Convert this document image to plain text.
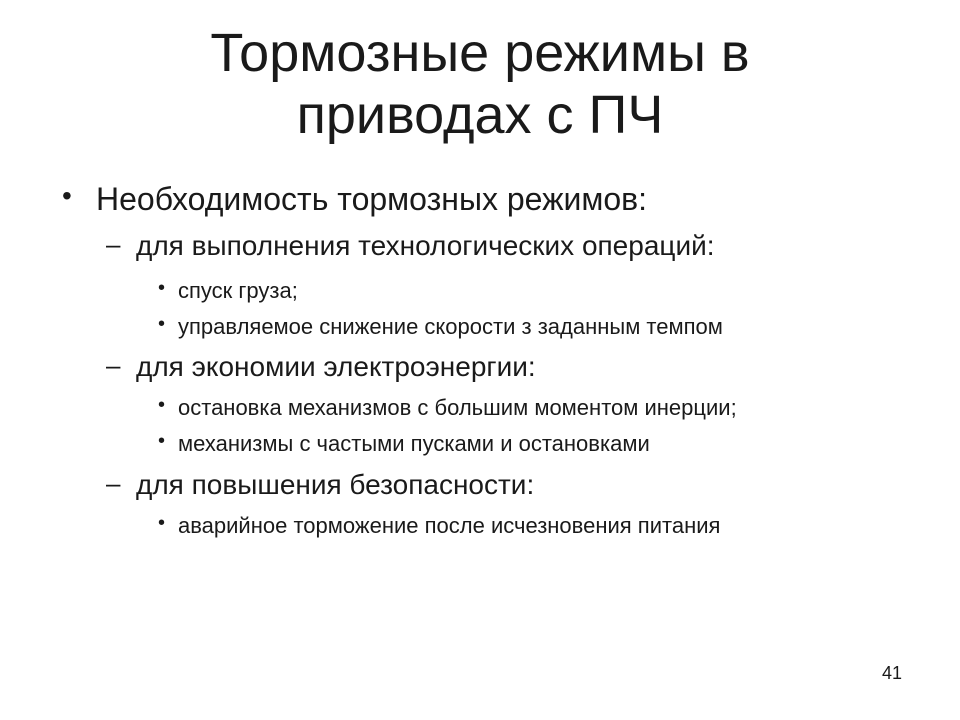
Тормозные режимы в
приводах с ПЧ
• Необходимость тормозных режимов:
– для выполнения технологических операций:
• спуск груза;
• управляемое снижение скорости з заданным темпом
– для экономии электроэнергии:
• остановка механизмов с большим моментом инерции;
• механизмы с частыми пусками и остановками
– для повышения безопасности:
• аварийное торможение после исчезновения питания
41
